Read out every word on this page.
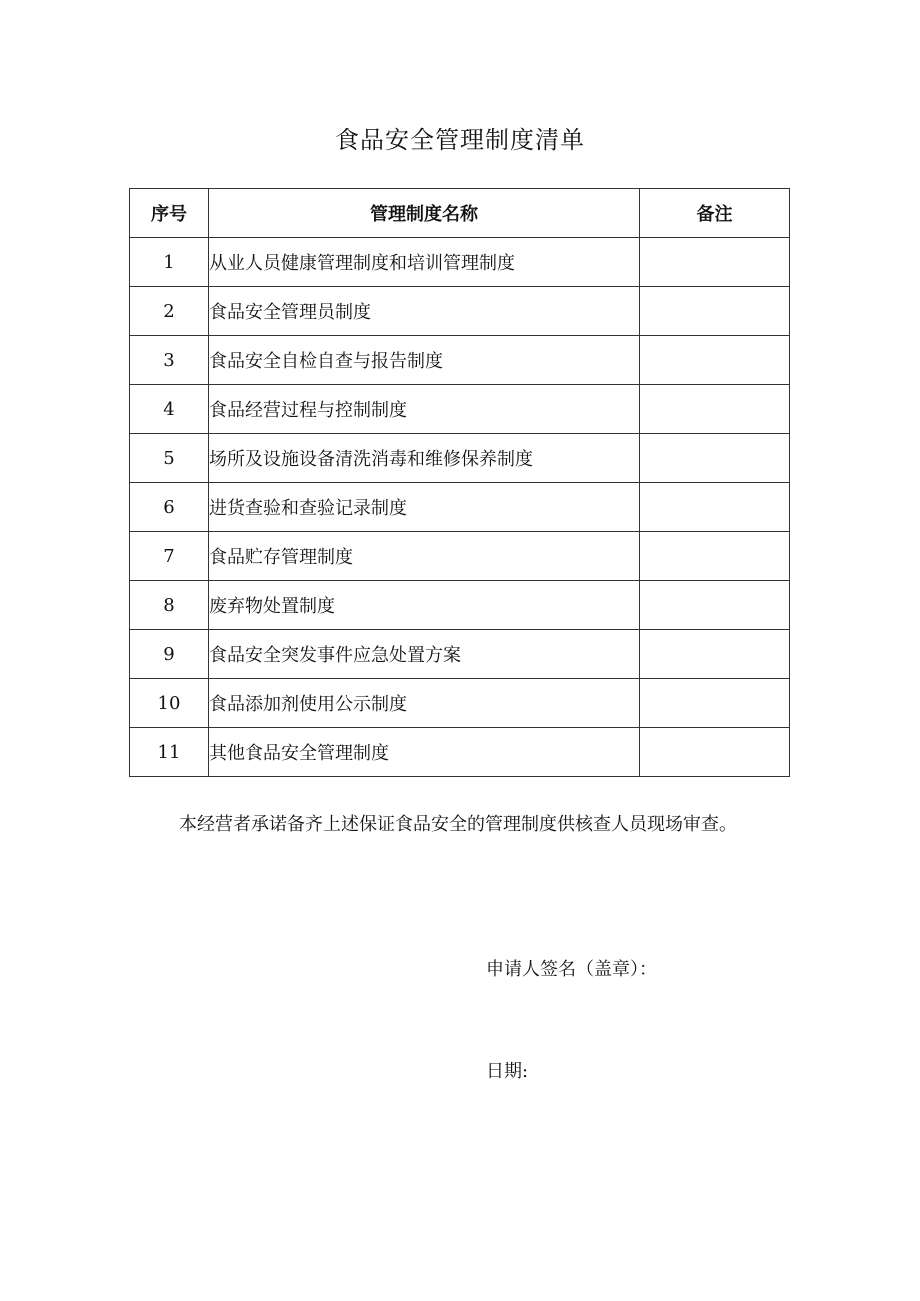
食品安全管理制度清单
序号	管理制度名称	备注
1	从业人员健康管理制度和培训管理制度	
2	食品安全管理员制度	
3	食品安全自检自查与报告制度	
4	食品经营过程与控制制度	
5	场所及设施设备清洗消毒和维修保养制度	
6	进货查验和查验记录制度	
7	食品贮存管理制度	
8	废弃物处置制度	
9	食品安全突发事件应急处置方案	
10	食品添加剂使用公示制度	
11	其他食品安全管理制度	
本经营者承诺备齐上述保证食品安全的管理制度供核查人员现场审查。
申请人签名（盖章）：
日期:
